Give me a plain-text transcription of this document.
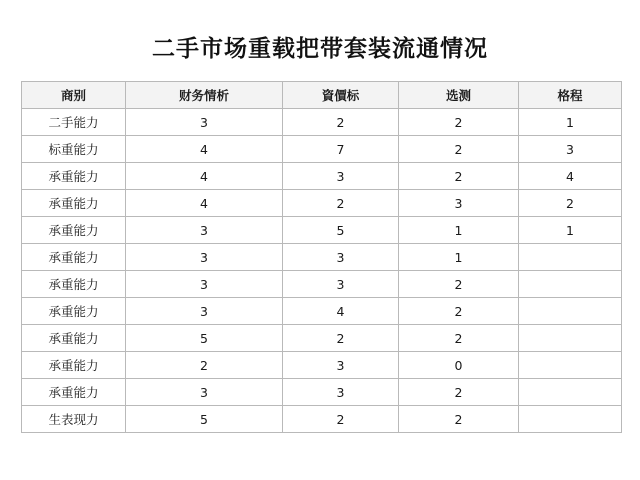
二手市场重载把带套装流通情况
商别	财务情析	資價标	选测	格程
二手能力	3	2	2	1
标重能力	4	7	2	3
承重能力	4	3	2	4
承重能力	4	2	3	2
承重能力	3	5	1	1
承重能力	3	3	1	
承重能力	3	3	2	
承重能力	3	4	2	
承重能力	5	2	2	
承重能力	2	3	0	
承重能力	3	3	2	
生表现力	5	2	2	
